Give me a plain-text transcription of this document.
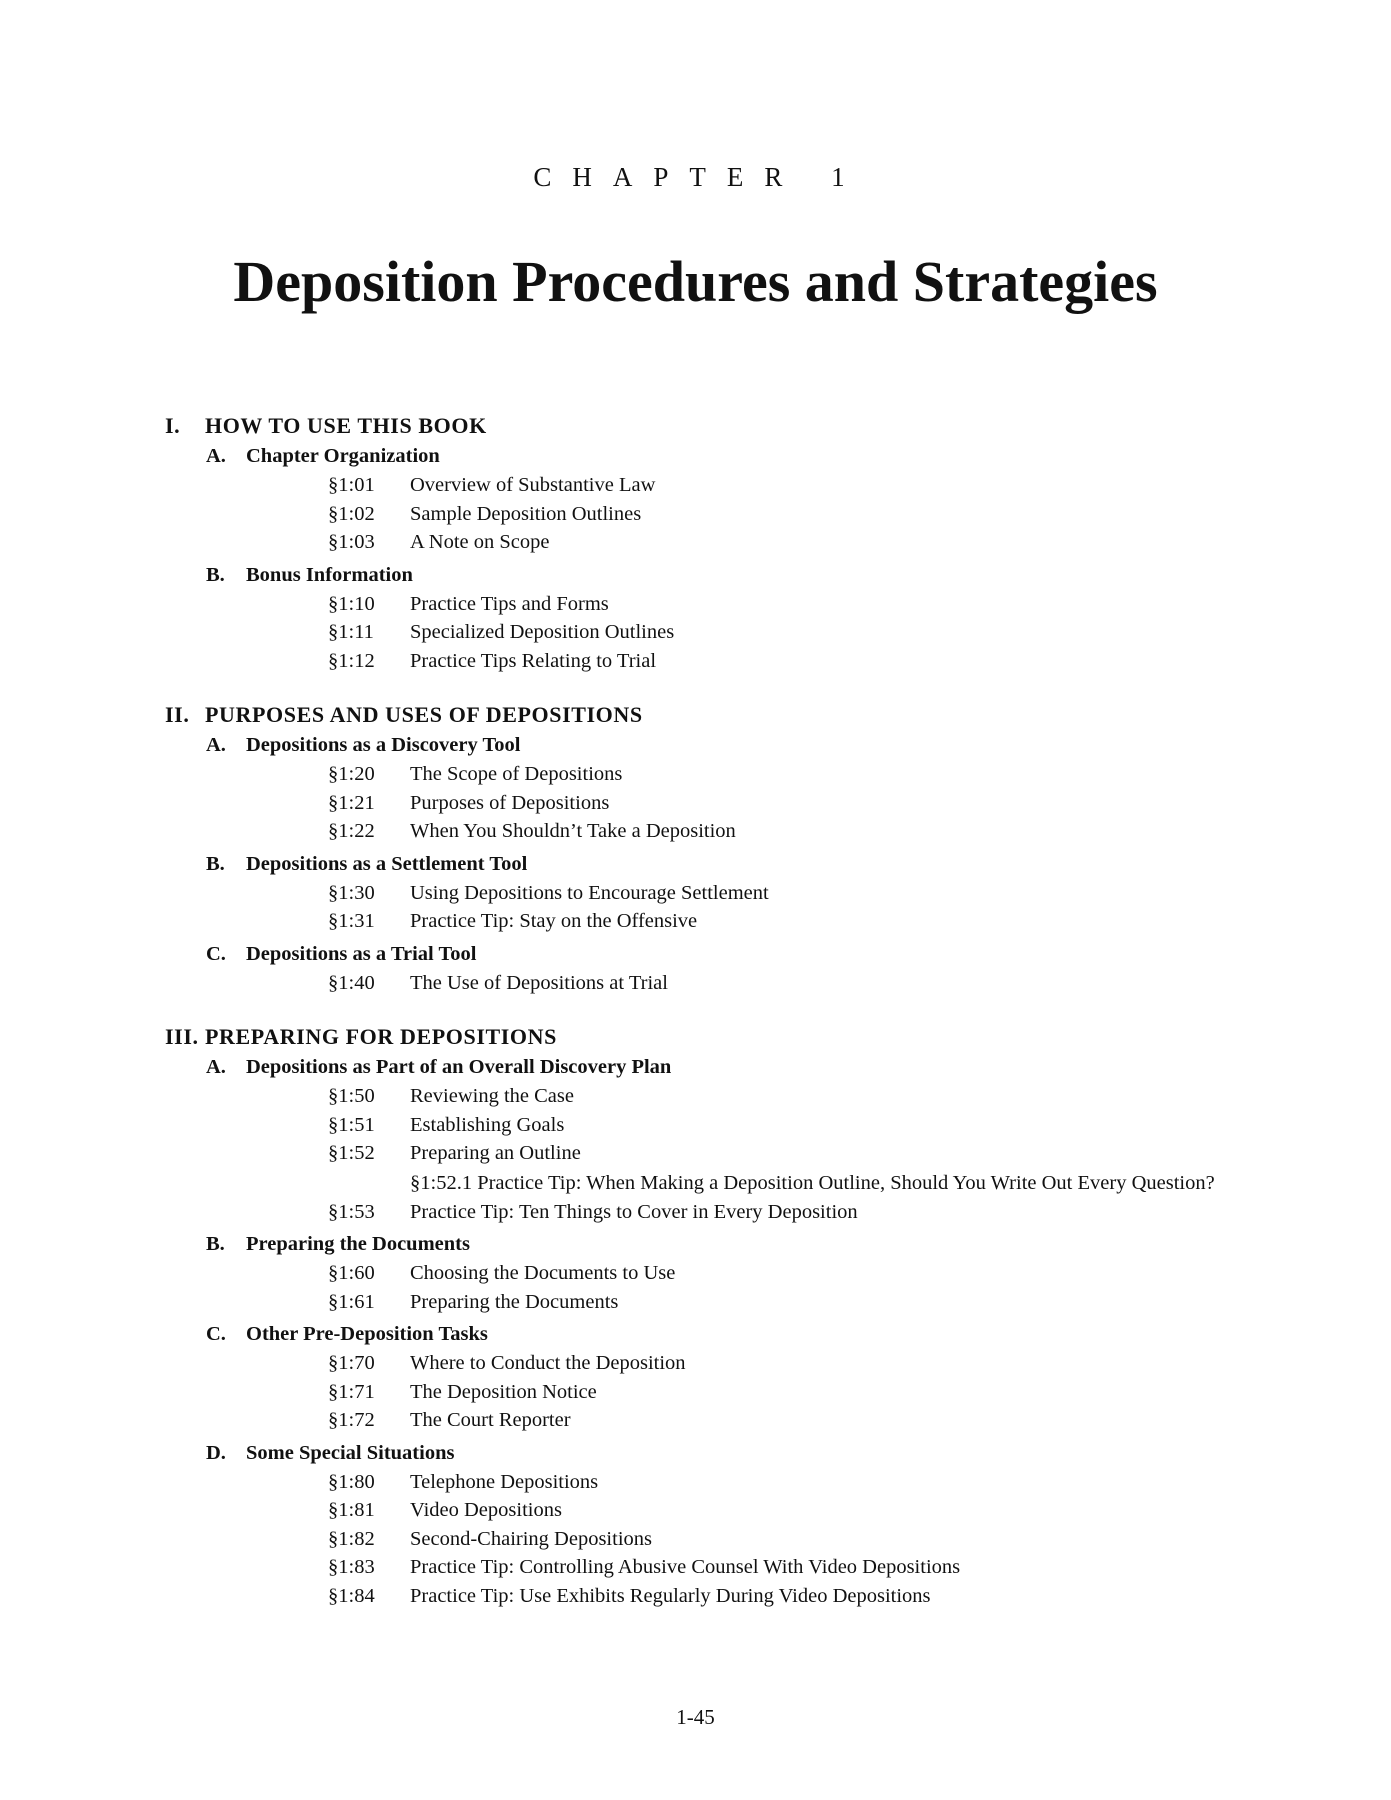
CHAPTER 1
Deposition Procedures and Strategies
I.	HOW TO USE THIS BOOK
A. Chapter Organization
§1:01	Overview of Substantive Law
§1:02	Sample Deposition Outlines
§1:03	A Note on Scope
B.	Bonus Information
§1:10	Practice Tips and Forms
§1:11	Specialized Deposition Outlines
§1:12	Practice Tips Relating to Trial
II. PURPOSES AND USES OF DEPOSITIONS
A. Depositions as a Discovery Tool
§1:20	The Scope of Depositions
§1:21	Purposes of Depositions
§1:22	When You Shouldn’t Take a Deposition
B.	Depositions as a Settlement Tool
§1:30	Using Depositions to Encourage Settlement
§1:31	Practice Tip: Stay on the Offensive
C. Depositions as a Trial Tool
§1:40	The Use of Depositions at Trial
III. PREPARING FOR DEPOSITIONS
A. Depositions as Part of an Overall Discovery Plan
§1:50	Reviewing the Case
§1:51	Establishing Goals
§1:52	Preparing an Outline
§1:52.1 Practice Tip: When Making a Deposition Outline, Should You Write Out Every Question?
§1:53	Practice Tip: Ten Things to Cover in Every Deposition
B.	Preparing the Documents
§1:60	Choosing the Documents to Use
§1:61	Preparing the Documents
C. Other Pre-Deposition Tasks
§1:70	Where to Conduct the Deposition
§1:71	The Deposition Notice
§1:72	The Court Reporter
D. Some Special Situations
§1:80	Telephone Depositions
§1:81	Video Depositions
§1:82	Second-Chairing Depositions
§1:83	Practice Tip: Controlling Abusive Counsel With Video Depositions
§1:84	Practice Tip: Use Exhibits Regularly During Video Depositions
1-45
